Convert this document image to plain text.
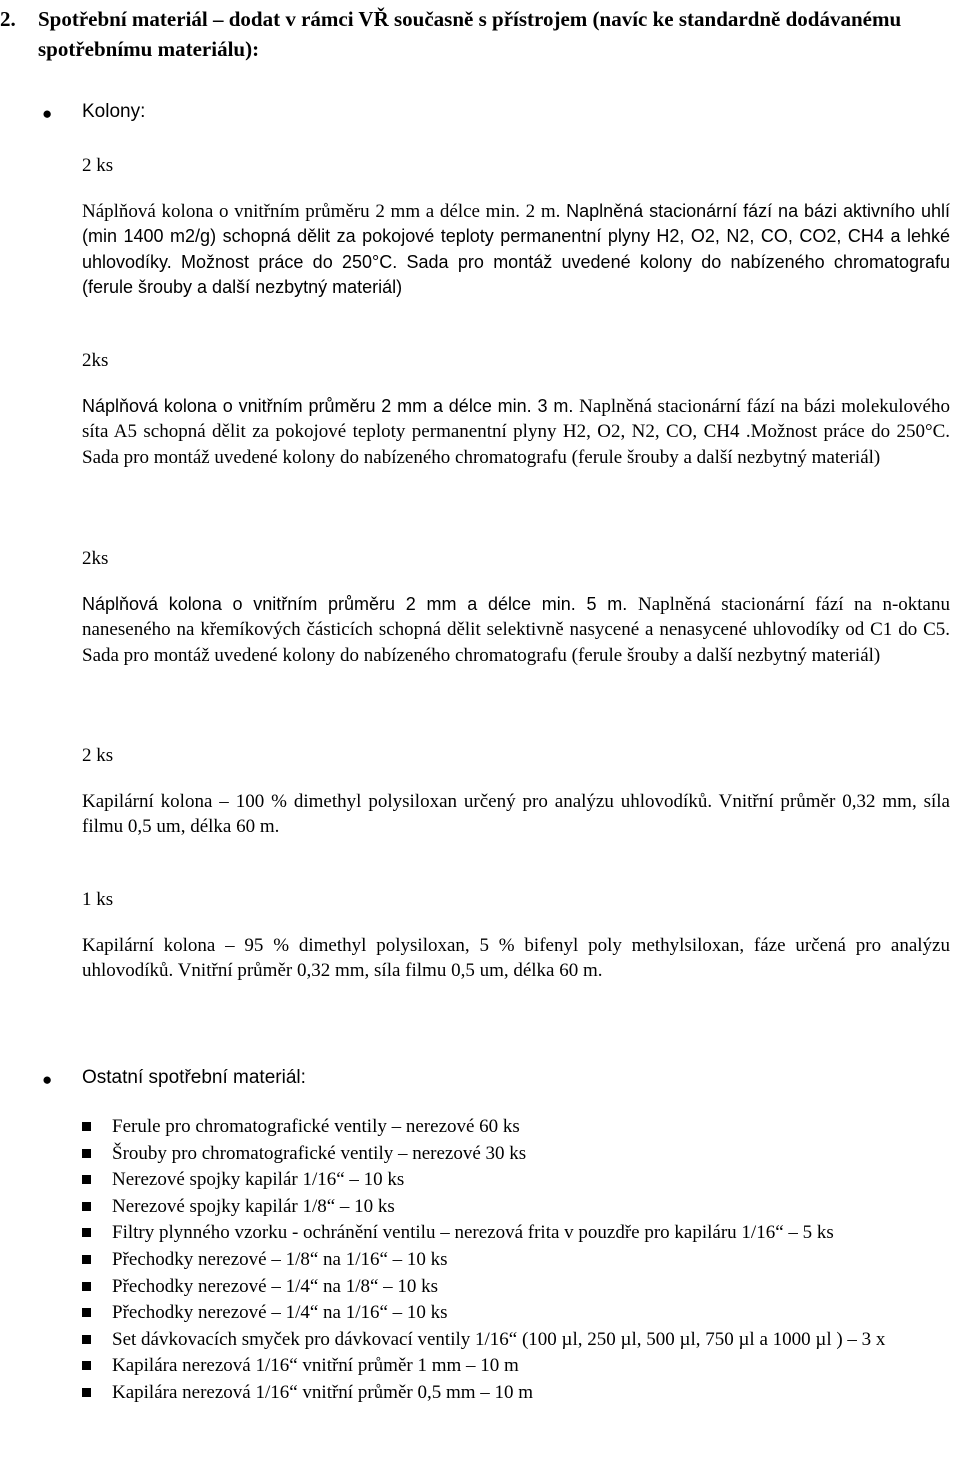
2. Spotřební materiál – dodat v rámci VŘ současně s přístrojem (navíc ke standardně dodávanému spotřebnímu materiálu):
● Kolony:
2 ks
Náplňová kolona o vnitřním průměru 2 mm a délce min. 2 m. Naplněná stacionární fází na bázi aktivního uhlí (min 1400 m2/g) schopná dělit za pokojové teploty permanentní plyny H2, O2, N2, CO, CO2, CH4 a lehké uhlovodíky. Možnost práce do 250°C. Sada pro montáž uvedené kolony do nabízeného chromatografu (ferule šrouby a další nezbytný materiál)
2ks
Náplňová kolona o vnitřním průměru 2 mm a délce min. 3 m. Naplněná stacionární fází na bázi molekulového síta A5 schopná dělit za pokojové teploty permanentní plyny H2, O2, N2, CO, CH4 .Možnost práce do 250°C. Sada pro montáž uvedené kolony do nabízeného chromatografu (ferule šrouby a další nezbytný materiál)
2ks
Náplňová kolona o vnitřním průměru 2 mm a délce min. 5 m. Naplněná stacionární fází na n-oktanu naneseného na křemíkových částicích schopná dělit selektivně nasycené a nenasycené uhlovodíky od C1 do C5. Sada pro montáž uvedené kolony do nabízeného chromatografu (ferule šrouby a další nezbytný materiál)
2 ks
Kapilární kolona – 100 % dimethyl polysiloxan určený pro analýzu uhlovodíků. Vnitřní průměr 0,32 mm, síla filmu 0,5 um, délka 60 m.
1 ks
Kapilární kolona – 95 % dimethyl polysiloxan, 5 % bifenyl poly methylsiloxan, fáze určená pro analýzu uhlovodíků. Vnitřní průměr 0,32 mm, síla filmu 0,5 um, délka 60 m.
● Ostatní spotřební materiál:
Ferule pro chromatografické ventily – nerezové 60 ks
Šrouby pro chromatografické ventily – nerezové 30 ks
Nerezové spojky kapilár 1/16“ – 10 ks
Nerezové spojky kapilár 1/8“ – 10 ks
Filtry plynného vzorku - ochránění ventilu – nerezová frita v pouzdře pro kapiláru 1/16“ – 5 ks
Přechodky nerezové – 1/8“ na 1/16“ – 10 ks
Přechodky nerezové – 1/4“ na 1/8“ – 10 ks
Přechodky nerezové – 1/4“ na 1/16“ – 10 ks
Set dávkovacích smyček pro dávkovací ventily 1/16“ (100 µl, 250 µl, 500 µl, 750 µl a 1000 µl ) – 3 x
Kapilára nerezová 1/16“ vnitřní průměr 1 mm – 10 m
Kapilára nerezová 1/16“ vnitřní průměr 0,5 mm – 10 m
